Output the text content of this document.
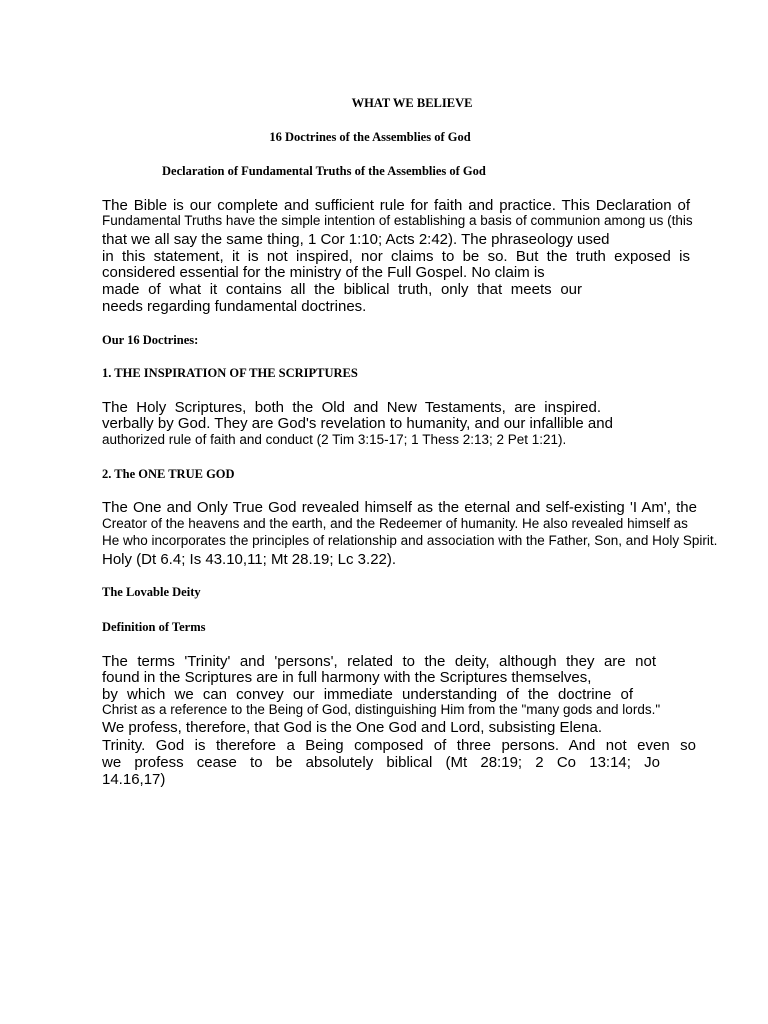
WHAT WE BELIEVE
16 Doctrines of the Assemblies of God
Declaration of Fundamental Truths of the Assemblies of God
The Bible is our complete and sufficient rule for faith and practice. This Declaration of
Fundamental Truths have the simple intention of establishing a basis of communion among us (this
that we all say the same thing, 1 Cor 1:10; Acts 2:42). The phraseology used
in this statement, it is not inspired, nor claims to be so. But the truth exposed is
considered essential for the ministry of the Full Gospel. No claim is
made of what it contains all the biblical truth, only that meets our
needs regarding fundamental doctrines.
Our 16 Doctrines:
1. THE INSPIRATION OF THE SCRIPTURES
The Holy Scriptures, both the Old and New Testaments, are inspired.
verbally by God. They are God's revelation to humanity, and our infallible and
authorized rule of faith and conduct (2 Tim 3:15-17; 1 Thess 2:13; 2 Pet 1:21).
2. The ONE TRUE GOD
The One and Only True God revealed himself as the eternal and self-existing 'I Am', the
Creator of the heavens and the earth, and the Redeemer of humanity. He also revealed himself as
He who incorporates the principles of relationship and association with the Father, Son, and Holy Spirit.
Holy (Dt 6.4; Is 43.10,11; Mt 28.19; Lc 3.22).
The Lovable Deity
Definition of Terms
The terms 'Trinity' and 'persons', related to the deity, although they are not
found in the Scriptures are in full harmony with the Scriptures themselves,
by which we can convey our immediate understanding of the doctrine of
Christ as a reference to the Being of God, distinguishing Him from the "many gods and lords."
We profess, therefore, that God is the One God and Lord, subsisting Elena.
Trinity. God is therefore a Being composed of three persons. And not even so
we profess cease to be absolutely biblical (Mt 28:19; 2 Co 13:14; Jo
14.16,17)
